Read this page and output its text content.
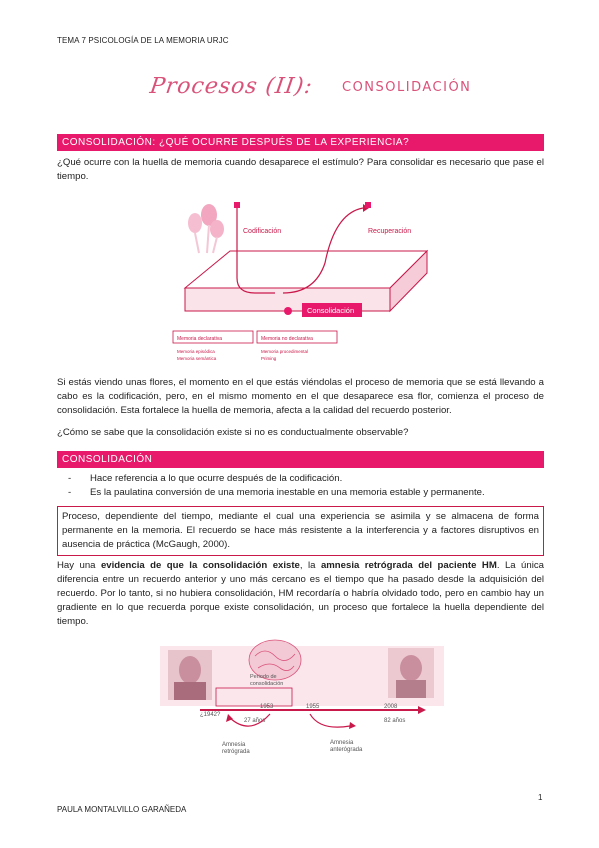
TEMA 7 PSICOLOGÍA DE LA MEMORIA URJC
Procesos (II): CONSOLIDACIÓN
CONSOLIDACIÓN: ¿QUÉ OCURRE DESPUÉS DE LA EXPERIENCIA?
¿Qué ocurre con la huella de memoria cuando desaparece el estímulo? Para consolidar es necesario que pase el tiempo.
Codificación	Recuperación
Consolidación
Memoria declarativa	Memoria no declarativa
Memoria episódica
Memoria semántica
Memoria procedimental
Priming
Si estás viendo unas flores, el momento en el que estás viéndolas el proceso de memoria que se está llevando a cabo es la codificación, pero, en el mismo momento en el que desaparece esa flor, comienza el proceso de consolidación. Esta fortalece la huella de memoria, afecta a la calidad del recuerdo posterior.
¿Cómo se sabe que la consolidación existe si no es conductualmente observable?
CONSOLIDACIÓN
- Hace referencia a lo que ocurre después de la codificación.
- Es la paulatina conversión de una memoria inestable en una memoria estable y permanente.
Proceso, dependiente del tiempo, mediante el cual una experiencia se asimila y se almacena de forma permanente en la memoria. El recuerdo se hace más resistente a la interferencia y a factores disruptivos en ausencia de práctica (McGaugh, 2000).
Hay una evidencia de que la consolidación existe, la amnesia retrógrada del paciente HM. La única diferencia entre un recuerdo anterior y uno más cercano es el tiempo que ha pasado desde la adquisición del recuerdo. Por lo tanto, si no hubiera consolidación, HM recordaría o habría olvidado todo, pero en cambio hay un gradiente en lo que recuerda porque existe consolidación, un proceso que fortalece la huella dependiente del tiempo.
Periodo de
consolidación
¿1942?
1953	1955	2008
27 años	82 años
Amnesia
retrógrada
Amnesia
anterógrada
1
PAULA MONTALVILLO GARAÑEDA
